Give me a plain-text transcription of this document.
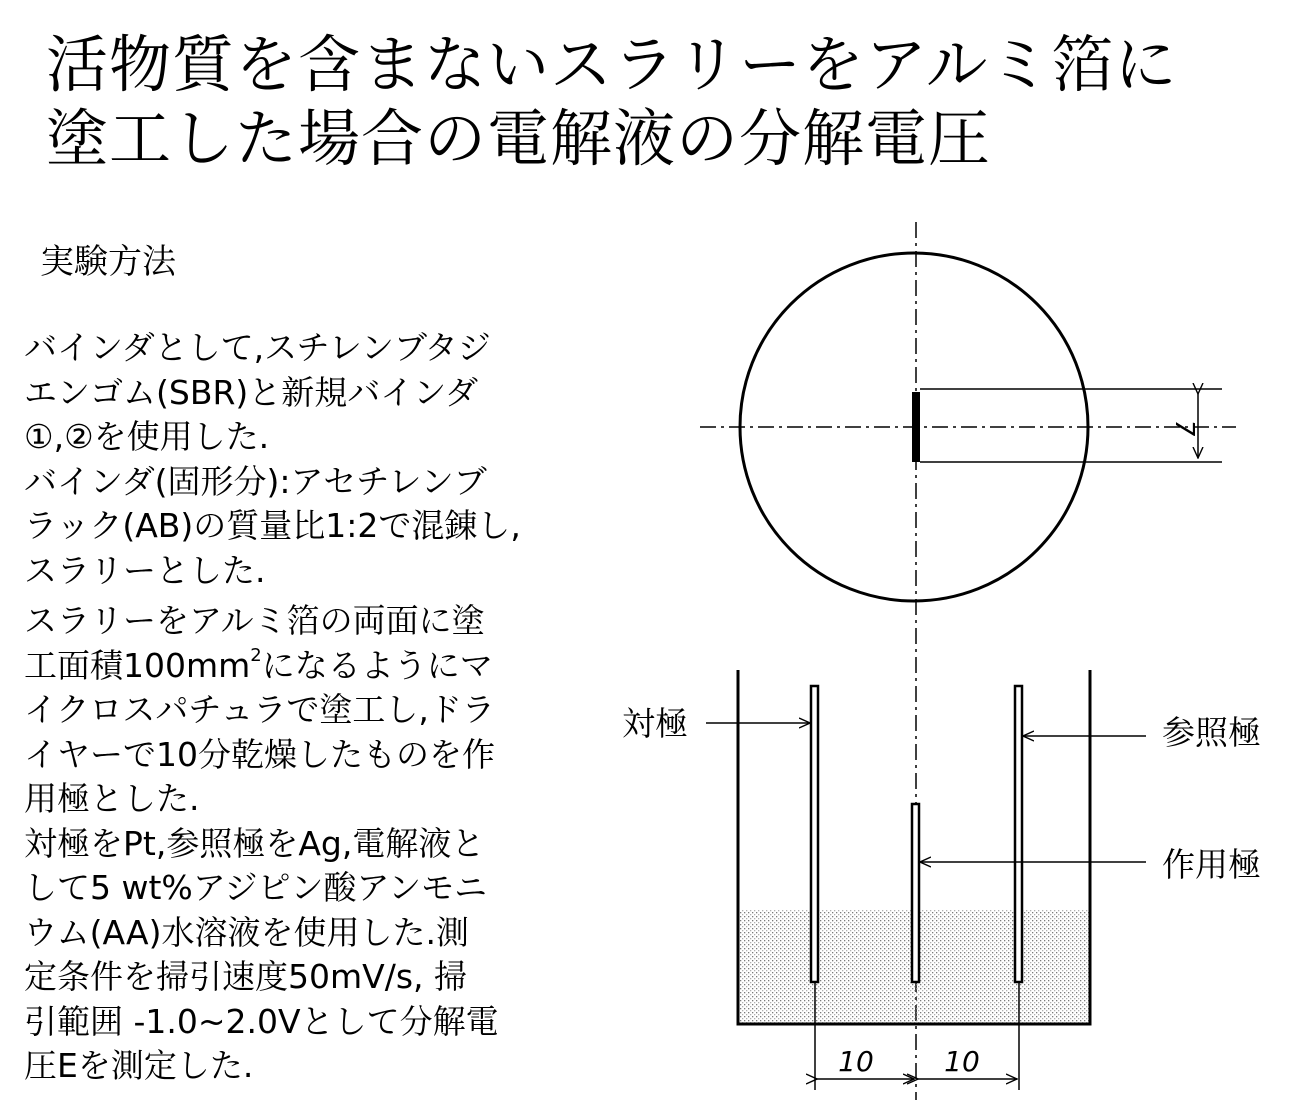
活物質を含まないスラリーをアルミ箔に
塗工した場合の電解液の分解電圧
実験方法

バインダとして,スチレンブタジ

エンゴム(SBR)と新規バインダ

①,②を使用した.

バインダ(固形分):アセチレンブ

ラック(AB)の質量比1:2で混錬し,

スラリーとした.

スラリーをアルミ箔の両面に塗

工面積$100mm^2$になるようにマ

イクロスパチュラで塗工し,ドラ

イヤーで10分乾燥したものを作

用極とした.

対極をPt,参照極をAg,電解液と

して5 wt%アジピン酸アンモニ

ウム(AA)水溶液を使用した.測

定条件を掃引速度50mV/s, 掃

引範囲 -1.0~2.0Vとして分解電

圧Eを測定した.

7
対極	参照極
作用極
10	10
